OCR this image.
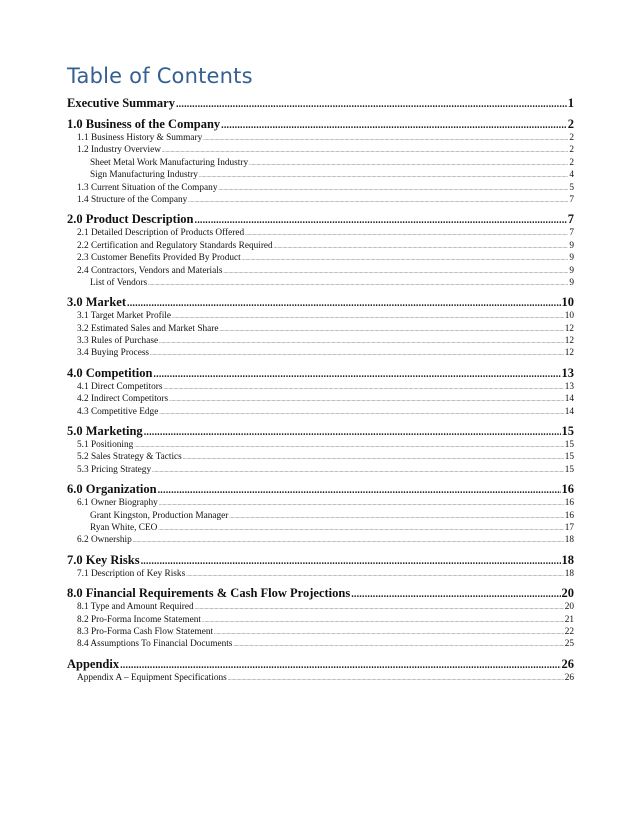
Table of Contents
Executive Summary .....	1
1.0 Business of the Company .....	2
1.1 Business History & Summary .....	2
1.2 Industry Overview .....	2
Sheet Metal Work Manufacturing Industry .....	2
Sign Manufacturing Industry .....	4
1.3 Current Situation of the Company .....	5
1.4 Structure of the Company .....	7
2.0 Product Description .....	7
2.1 Detailed Description of Products Offered .....	7
2.2 Certification and Regulatory Standards Required .....	9
2.3 Customer Benefits Provided By Product .....	9
2.4 Contractors, Vendors and Materials .....	9
List of Vendors .....	9
3.0 Market .....	10
3.1 Target Market Profile .....	10
3.2 Estimated Sales and Market Share .....	12
3.3 Rules of Purchase .....	12
3.4 Buying Process .....	12
4.0 Competition .....	13
4.1 Direct Competitors .....	13
4.2 Indirect Competitors .....	14
4.3 Competitive Edge .....	14
5.0 Marketing .....	15
5.1 Positioning .....	15
5.2 Sales Strategy & Tactics .....	15
5.3 Pricing Strategy .....	15
6.0 Organization .....	16
6.1 Owner Biography .....	16
Grant Kingston, Production Manager .....	16
Ryan White, CEO .....	17
6.2 Ownership .....	18
7.0 Key Risks .....	18
7.1 Description of Key Risks .....	18
8.0 Financial Requirements & Cash Flow Projections .....	20
8.1 Type and Amount Required .....	20
8.2 Pro-Forma Income Statement .....	21
8.3 Pro-Forma Cash Flow Statement .....	22
8.4 Assumptions To Financial Documents .....	25
Appendix .....	26
Appendix A – Equipment Specifications .....	26
